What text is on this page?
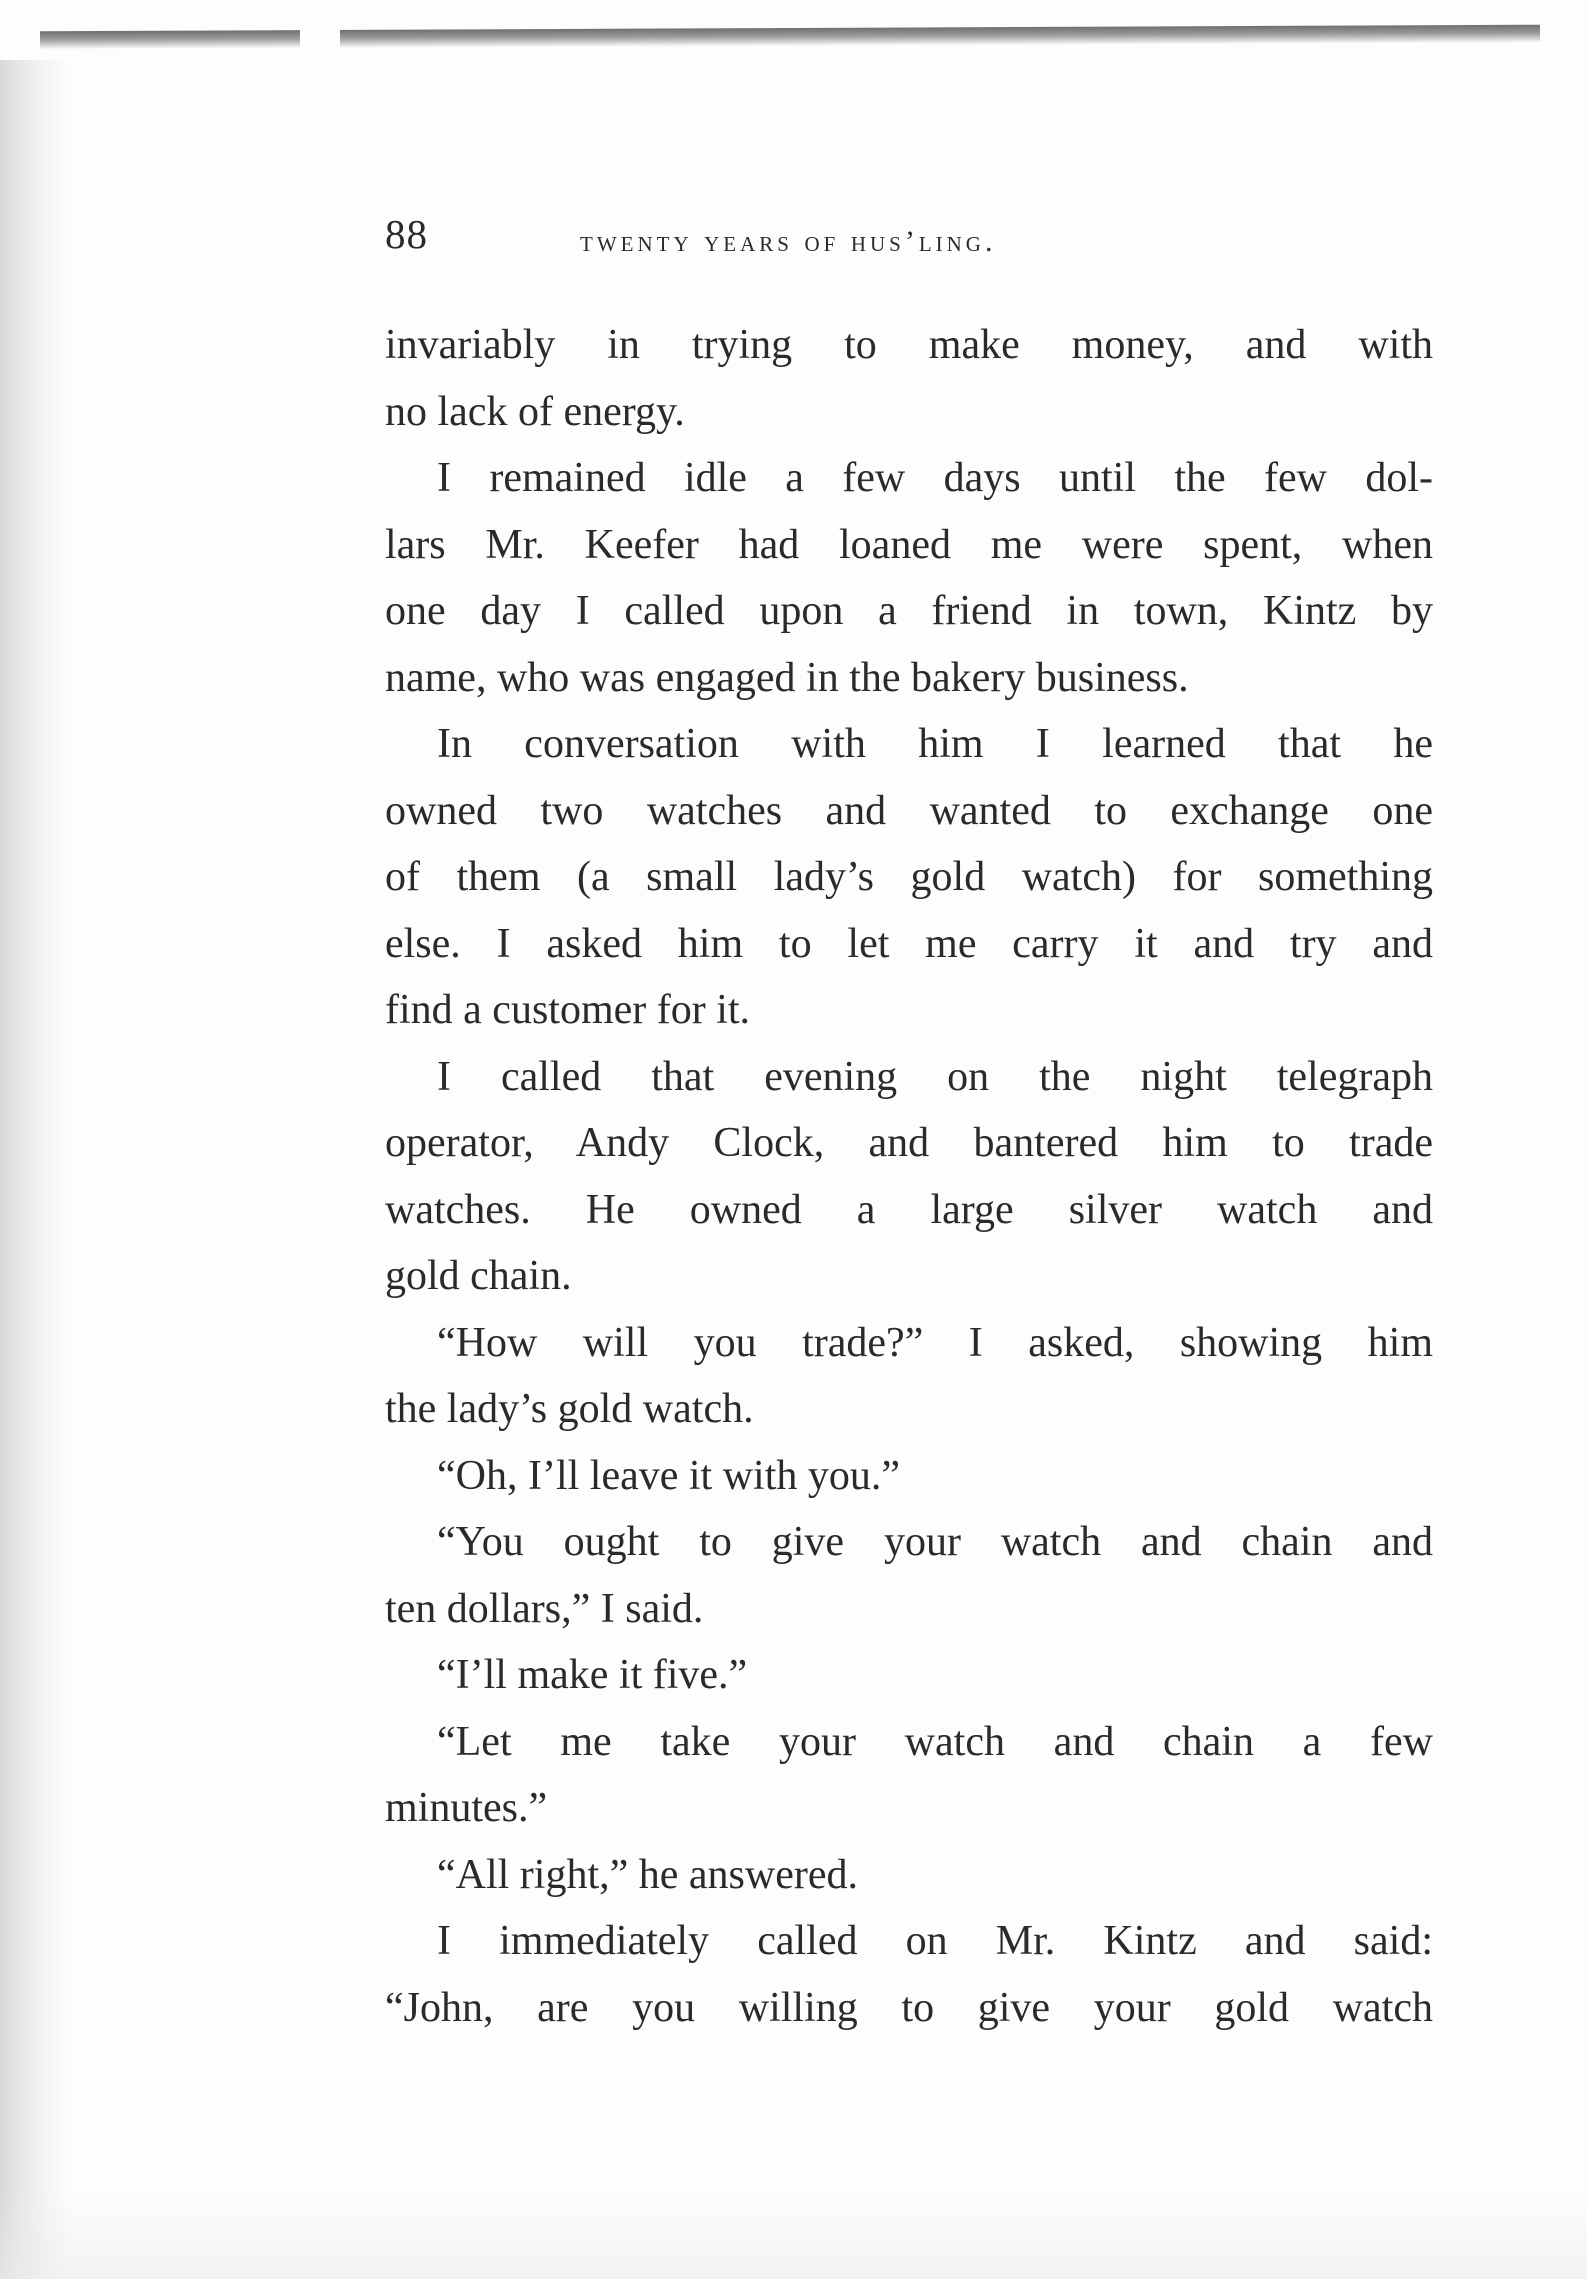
88	twenty years of hus’ling.
invariably in trying to make money, and with
no lack of energy.
I remained idle a few days until the few dol-
lars Mr. Keefer had loaned me were spent, when
one day I called upon a friend in town, Kintz by
name, who was engaged in the bakery business.
In conversation with him I learned that he
owned two watches and wanted to exchange one
of them (a small lady’s gold watch) for something
else. I asked him to let me carry it and try and
find a customer for it.
I called that evening on the night telegraph
operator, Andy Clock, and bantered him to trade
watches. He owned a large silver watch and
gold chain.
“How will you trade?” I asked, showing him
the lady’s gold watch.
“Oh, I’ll leave it with you.”
“You ought to give your watch and chain and
ten dollars,” I said.
“I’ll make it five.”
“Let me take your watch and chain a few
minutes.”
“All right,” he answered.
I immediately called on Mr. Kintz and said:
“John, are you willing to give your gold watch
